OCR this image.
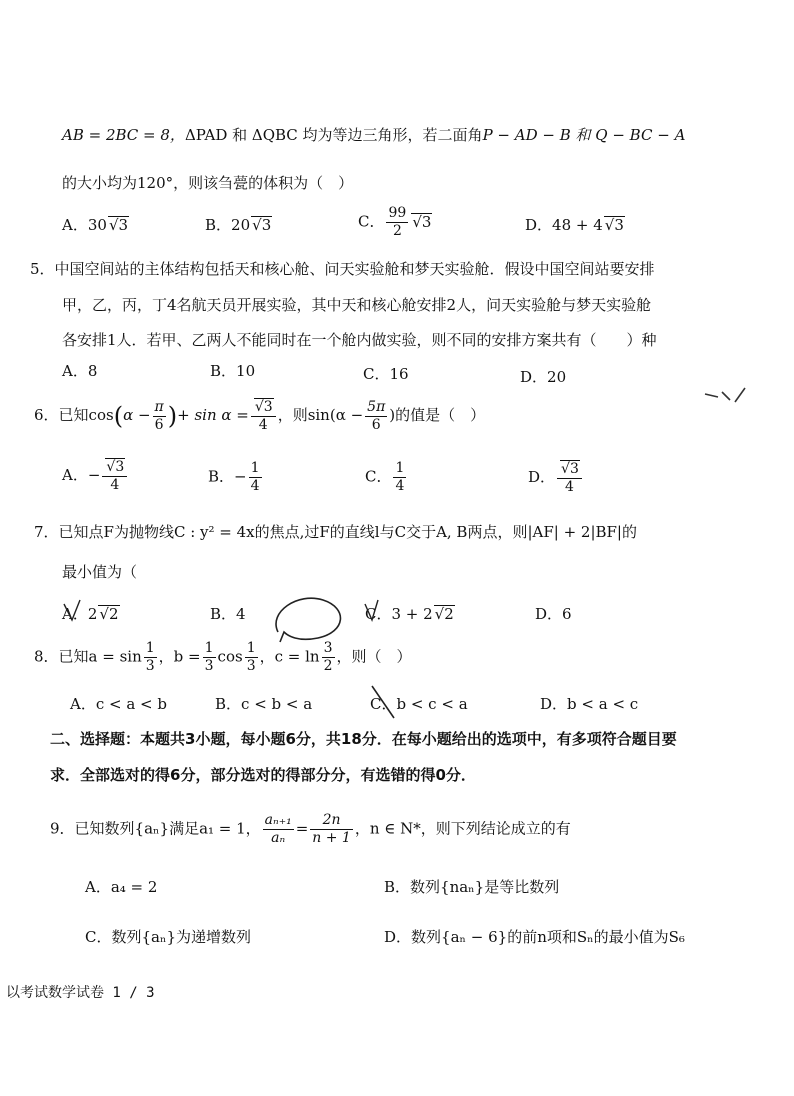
AB = 2BC = 8，ΔPAD 和 ΔQBC 均为等边三角形，若二面角P − AD − B 和 Q − BC − A
的大小均为120°，则该刍甍的体积为（　）
A．30 √ 3	B．20 √ 3	C． $\frac{99}{2}$ √ 3	D．48 + 4 √ 3
5．中国空间站的主体结构包括天和核心舱、问天实验舱和梦天实验舱．假设中国空间站要安排
甲，乙，丙，丁4名航天员开展实验，其中天和核心舱安排2人，问天实验舱与梦天实验舱
各安排1人．若甲、乙两人不能同时在一个舱内做实验，则不同的安排方案共有（　　）种
A．8	B．10	C．16	D．20
6．已知$\cos(\alpha - \frac{\pi}{6}$ )+ sin α = √ $\frac{3}{4}$ ，则$\sin(\alpha - \frac{5\pi}{6}$ )的值是（　）
A．− √ $\frac{3}{4}$	B．− $\frac{1}{4}$	C． $\frac{1}{4}$	D． √ $\frac{3}{4}$
7．已知点F为抛物线C : y² = 4x的焦点,过F的直线l与C交于A, B两点，则|AF| + 2|BF|的
最小值为（
A．2 √ 2	B．4	C．3 + 2 √ 2	D．6
8．已知$a = \sin \frac{1}{3}$ ，$b = \frac{1}{3}$ $\cos \frac{1}{3}$ ，$c = \ln \frac{3}{2}$ ，则（　）
A．c < a < b	B．c < b < a	C．b < c < a	D．b < a < c
二、选择题：本题共3小题，每小题6分，共18分．在每小题给出的选项中，有多项符合题目要
求．全部选对的得6分，部分选对的得部分分，有选错的得0分．
9．已知数列{aₙ}满足a₁ = 1， $\frac{\text{aₙ₊₁}}{\text{aₙ}} = \frac{2n}{n + 1}$ ，n ∈ N*，则下列结论成立的有
A．a₄ = 2	B．数列{naₙ}是等比数列
C．数列{aₙ}为递增数列	D．数列{aₙ − 6}的前n项和Sₙ的最小值为S₆
以考试数学试卷 1 / 3
